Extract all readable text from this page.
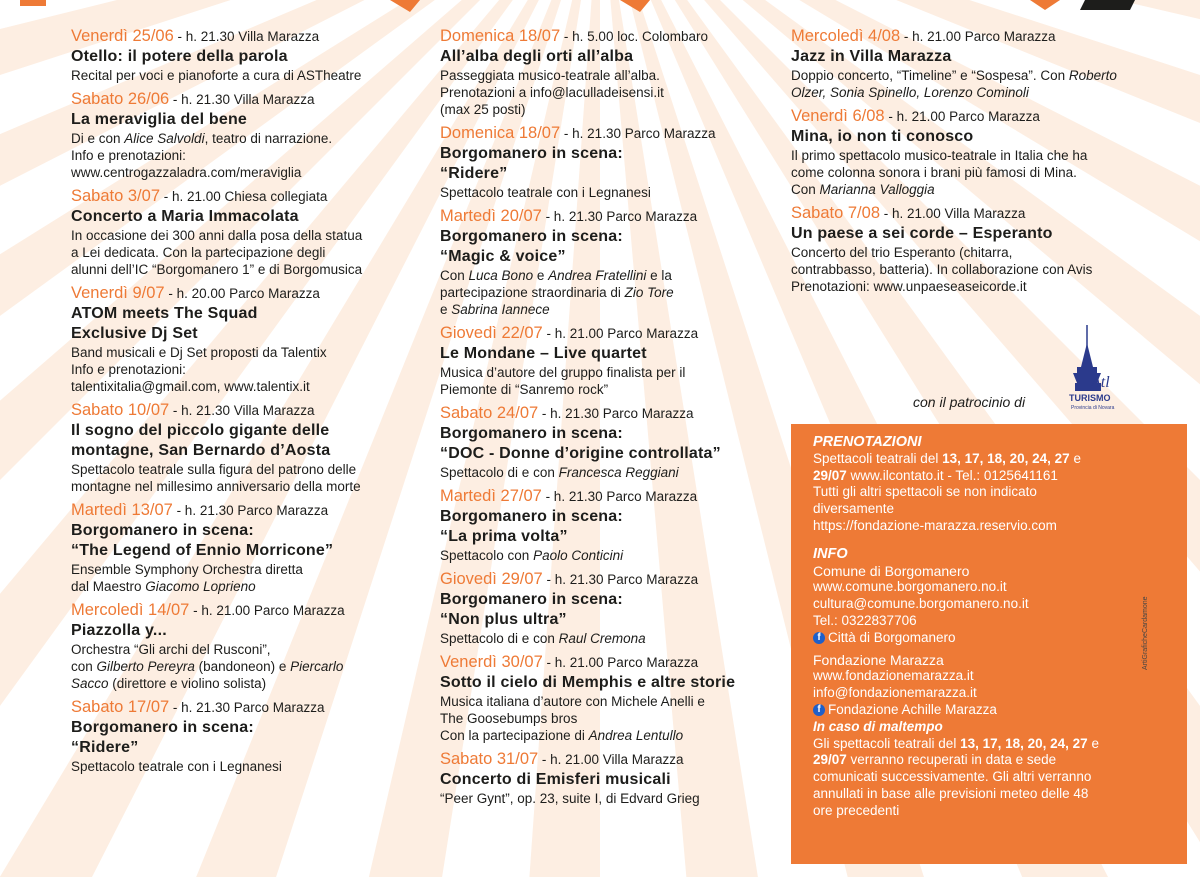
Venerdì 25/06 - h. 21.30 Villa Marazza
Otello: il potere della parola
Recital per voci e pianoforte a cura di ASTheatre
Sabato 26/06 - h. 21.30 Villa Marazza
La meraviglia del bene
Di e con Alice Salvoldi, teatro di narrazione.
Info e prenotazioni:
www.centrogazzaladra.com/meraviglia
Sabato 3/07 - h. 21.00 Chiesa collegiata
Concerto a Maria Immacolata
In occasione dei 300 anni dalla posa della statua
a Lei dedicata. Con la partecipazione degli
alunni dell’IC “Borgomanero 1” e di Borgomusica
Venerdì 9/07 - h. 20.00 Parco Marazza
ATOM meets The Squad
Exclusive Dj Set
Band musicali e Dj Set proposti da Talentix
Info e prenotazioni:
talentixitalia@gmail.com, www.talentix.it
Sabato 10/07 - h. 21.30 Villa Marazza
Il sogno del piccolo gigante delle
montagne, San Bernardo d’Aosta
Spettacolo teatrale sulla figura del patrono delle
montagne nel millesimo anniversario della morte
Martedì 13/07 - h. 21.30 Parco Marazza
Borgomanero in scena:
“The Legend of Ennio Morricone”
Ensemble Symphony Orchestra diretta
dal Maestro Giacomo Loprieno
Mercoledì 14/07 - h. 21.00 Parco Marazza
Piazzolla y...
Orchestra “Gli archi del Rusconi”,
con Gilberto Pereyra (bandoneon) e Piercarlo
Sacco (direttore e violino solista)
Sabato 17/07 - h. 21.30 Parco Marazza
Borgomanero in scena:
“Ridere”
Spettacolo teatrale con i Legnanesi
Domenica 18/07 - h. 5.00 loc. Colombaro
All’alba degli orti all’alba
Passeggiata musico-teatrale all’alba.
Prenotazioni a info@laculladeisensi.it
(max 25 posti)
Domenica 18/07 - h. 21.30 Parco Marazza
Borgomanero in scena:
“Ridere”
Spettacolo teatrale con i Legnanesi
Martedì 20/07 - h. 21.30 Parco Marazza
Borgomanero in scena:
“Magic & voice”
Con Luca Bono e Andrea Fratellini e la
partecipazione straordinaria di Zio Tore
e Sabrina Iannece
Giovedì 22/07 - h. 21.00 Parco Marazza
Le Mondane – Live quartet
Musica d’autore del gruppo finalista per il
Piemonte di “Sanremo rock”
Sabato 24/07 - h. 21.30 Parco Marazza
Borgomanero in scena:
“DOC - Donne d’origine controllata”
Spettacolo di e con Francesca Reggiani
Martedì 27/07 - h. 21.30 Parco Marazza
Borgomanero in scena:
“La prima volta”
Spettacolo con Paolo Conticini
Giovedì 29/07 - h. 21.30 Parco Marazza
Borgomanero in scena:
“Non plus ultra”
Spettacolo di e con Raul Cremona
Venerdì 30/07 - h. 21.00 Parco Marazza
Sotto il cielo di Memphis e altre storie
Musica italiana d’autore con Michele Anelli e
The Goosebumps bros
Con la partecipazione di Andrea Lentullo
Sabato 31/07 - h. 21.00 Villa Marazza
Concerto di Emisferi musicali
“Peer Gynt”, op. 23, suite I, di Edvard Grieg
Mercoledì 4/08 - h. 21.00 Parco Marazza
Jazz in Villa Marazza
Doppio concerto, “Timeline” e “Sospesa”. Con Roberto
Olzer, Sonia Spinello, Lorenzo Cominoli
Venerdì 6/08 - h. 21.00 Parco Marazza
Mina, io non ti conosco
Il primo spettacolo musico-teatrale in Italia che ha
come colonna sonora i brani più famosi di Mina.
Con Marianna Valloggia
Sabato 7/08 - h. 21.00 Villa Marazza
Un paese a sei corde – Esperanto
Concerto del trio Esperanto (chitarra,
contrabbasso, batteria). In collaborazione con Avis
Prenotazioni: www.unpaeseaseicorde.it
con il patrocinio di
Atl
TURISMO
Provincia di Novara
PRENOTAZIONI
Spettacoli teatrali del 13, 17, 18, 20, 24, 27 e
29/07 www.ilcontato.it - Tel.: 0125641161
Tutti gli altri spettacoli se non indicato
diversamente
https://fondazione-marazza.reservio.com
INFO
Comune di Borgomanero
www.comune.borgomanero.no.it
cultura@comune.borgomanero.no.it
Tel.: 0322837706
f Città di Borgomanero
Fondazione Marazza
www.fondazionemarazza.it
info@fondazionemarazza.it
f Fondazione Achille Marazza
In caso di maltempo
Gli spettacoli teatrali del 13, 17, 18, 20, 24, 27 e
29/07 verranno recuperati in data e sede
comunicati successivamente. Gli altri verranno
annullati in base alle previsioni meteo delle 48
ore precedenti
ArtiGraficheCardamone
